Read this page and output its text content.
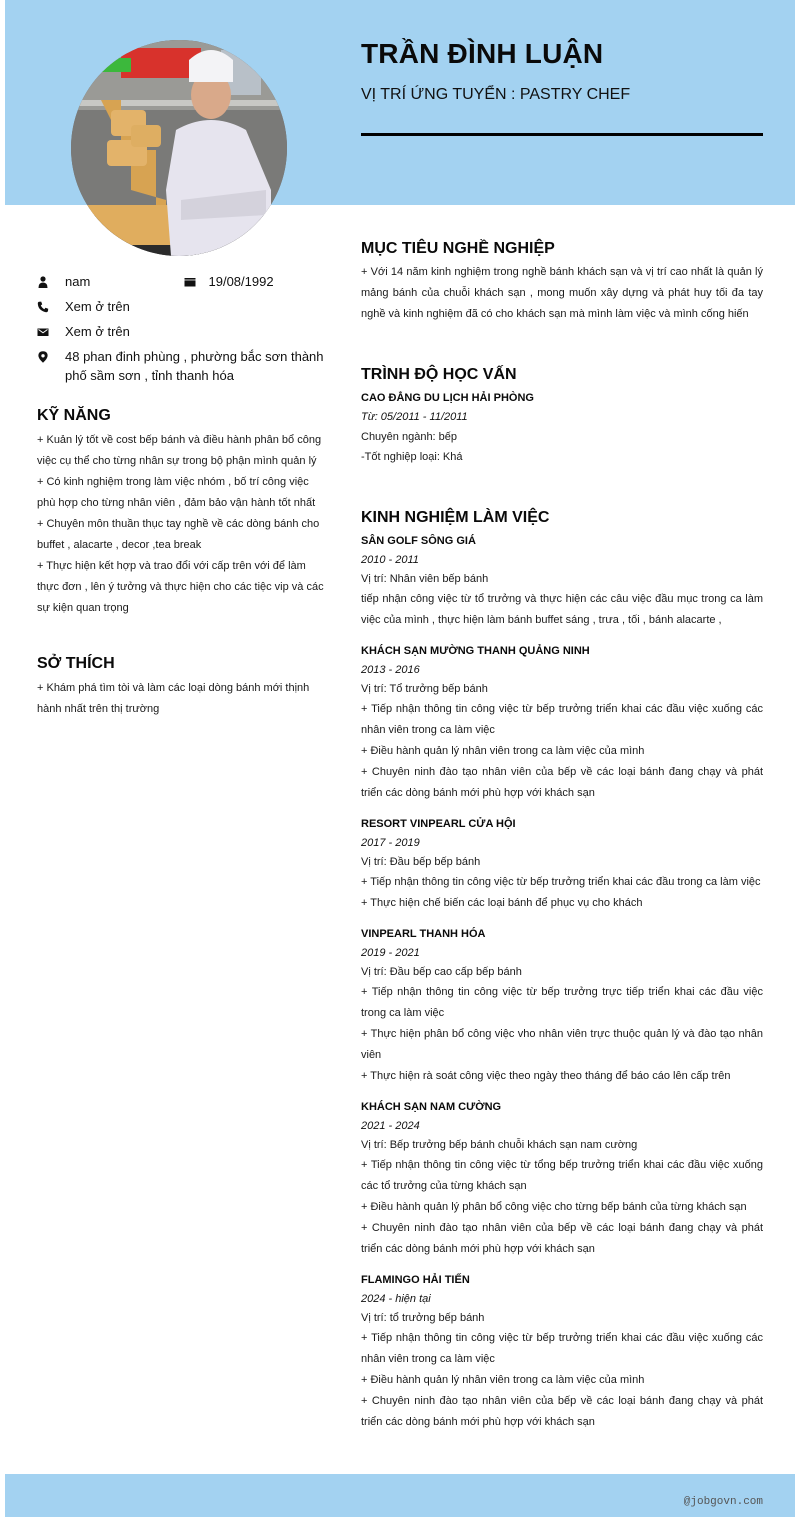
TRẦN ĐÌNH LUẬN
VỊ TRÍ ỨNG TUYỂN : PASTRY CHEF
nam	19/08/1992
Xem ở trên
Xem ở trên
48 phan đinh phùng , phường bắc sơn thành phố sầm sơn , tỉnh thanh hóa
KỸ NĂNG
+ Kuản lý tốt về cost bếp bánh và điều hành phân bổ công việc cụ thể cho từng nhân sự trong bộ phận mình quản lý
+ Có kinh nghiệm trong làm việc nhóm , bố trí công việc phù hợp cho từng nhân viên , đảm bảo vận hành tốt nhất
+ Chuyên môn thuần thục tay nghề về các dòng bánh cho buffet , alacarte , decor ,tea break
+ Thực hiện kết hợp và trao đổi với cấp trên với để làm thực đơn , lên ý tưởng và thực hiện cho các tiệc vip và các sự kiện quan trọng
SỞ THÍCH
+ Khám phá tìm tòi và làm các loại dòng bánh mới thịnh hành nhất trên thị trường
MỤC TIÊU NGHỀ NGHIỆP
+ Với 14 năm kinh nghiệm trong nghề bánh khách sạn và vị trí cao nhất là quản lý mảng bánh của chuỗi khách sạn , mong muốn xây dựng và phát huy tối đa tay nghề và kinh nghiệm đã có cho khách sạn mà mình làm việc và mình cống hiến
TRÌNH ĐỘ HỌC VẤN
CAO ĐẲNG DU LỊCH HẢI PHÒNG
Từ: 05/2011 - 11/2011
Chuyên ngành: bếp
-Tốt nghiệp loại: Khá
KINH NGHIỆM LÀM VIỆC
SÂN GOLF SÔNG GIÁ
2010 - 2011
Vị trí: Nhân viên bếp bánh
tiếp nhận công việc từ tổ trưởng và thực hiện các câu việc đầu mục trong ca làm việc của mình , thực hiện làm bánh buffet sáng , trưa , tối , bánh alacarte ,
KHÁCH SẠN MƯỜNG THANH QUẢNG NINH
2013 - 2016
Vị trí: Tổ trưởng bếp bánh
+ Tiếp nhận thông tin công việc từ bếp trưởng triển khai các đầu việc xuống các nhân viên trong ca làm việc
+ Điều hành quản lý nhân viên trong ca làm việc của mình
+ Chuyên ninh đào tạo nhân viên của bếp về các loại bánh đang chạy và phát triển các dòng bánh mới phù hợp với khách sạn
RESORT VINPEARL CỬA HỘI
2017 - 2019
Vị trí: Đầu bếp bếp bánh
+ Tiếp nhận thông tin công việc từ bếp trưởng triển khai các đầu trong ca làm việc
+ Thực hiện chế biến các loại bánh để phục vụ cho khách
VINPEARL THANH HÓA
2019 - 2021
Vị trí: Đầu bếp cao cấp bếp bánh
+ Tiếp nhận thông tin công việc từ bếp trưởng trực tiếp triển khai các đầu việc trong ca làm việc
+ Thực hiện phân bổ công việc vho nhân viên trực thuộc quản lý và đào tạo nhân viên
+ Thực hiện rà soát công việc theo ngày theo tháng để báo cáo lên cấp trên
KHÁCH SẠN NAM CƯỜNG
2021 - 2024
Vị trí: Bếp trưởng bếp bánh chuỗi khách sạn nam cường
+ Tiếp nhận thông tin công việc từ tổng bếp trưởng triển khai các đầu việc xuống các tổ trưởng của từng khách sạn
+ Điều hành quản lý phân bổ công việc cho từng bếp bánh của từng khách sạn
+ Chuyên ninh đào tạo nhân viên của bếp về các loại bánh đang chạy và phát triển các dòng bánh mới phù hợp với khách sạn
FLAMINGO HẢI TIẾN
2024 - hiện tại
Vị trí: tổ trưởng bếp bánh
+ Tiếp nhận thông tin công việc từ bếp trưởng triển khai các đầu việc xuống các nhân viên trong ca làm việc
+ Điều hành quản lý nhân viên trong ca làm việc của mình
+ Chuyên ninh đào tạo nhân viên của bếp về các loại bánh đang chạy và phát triển các dòng bánh mới phù hợp với khách sạn
@jobgovn.com
